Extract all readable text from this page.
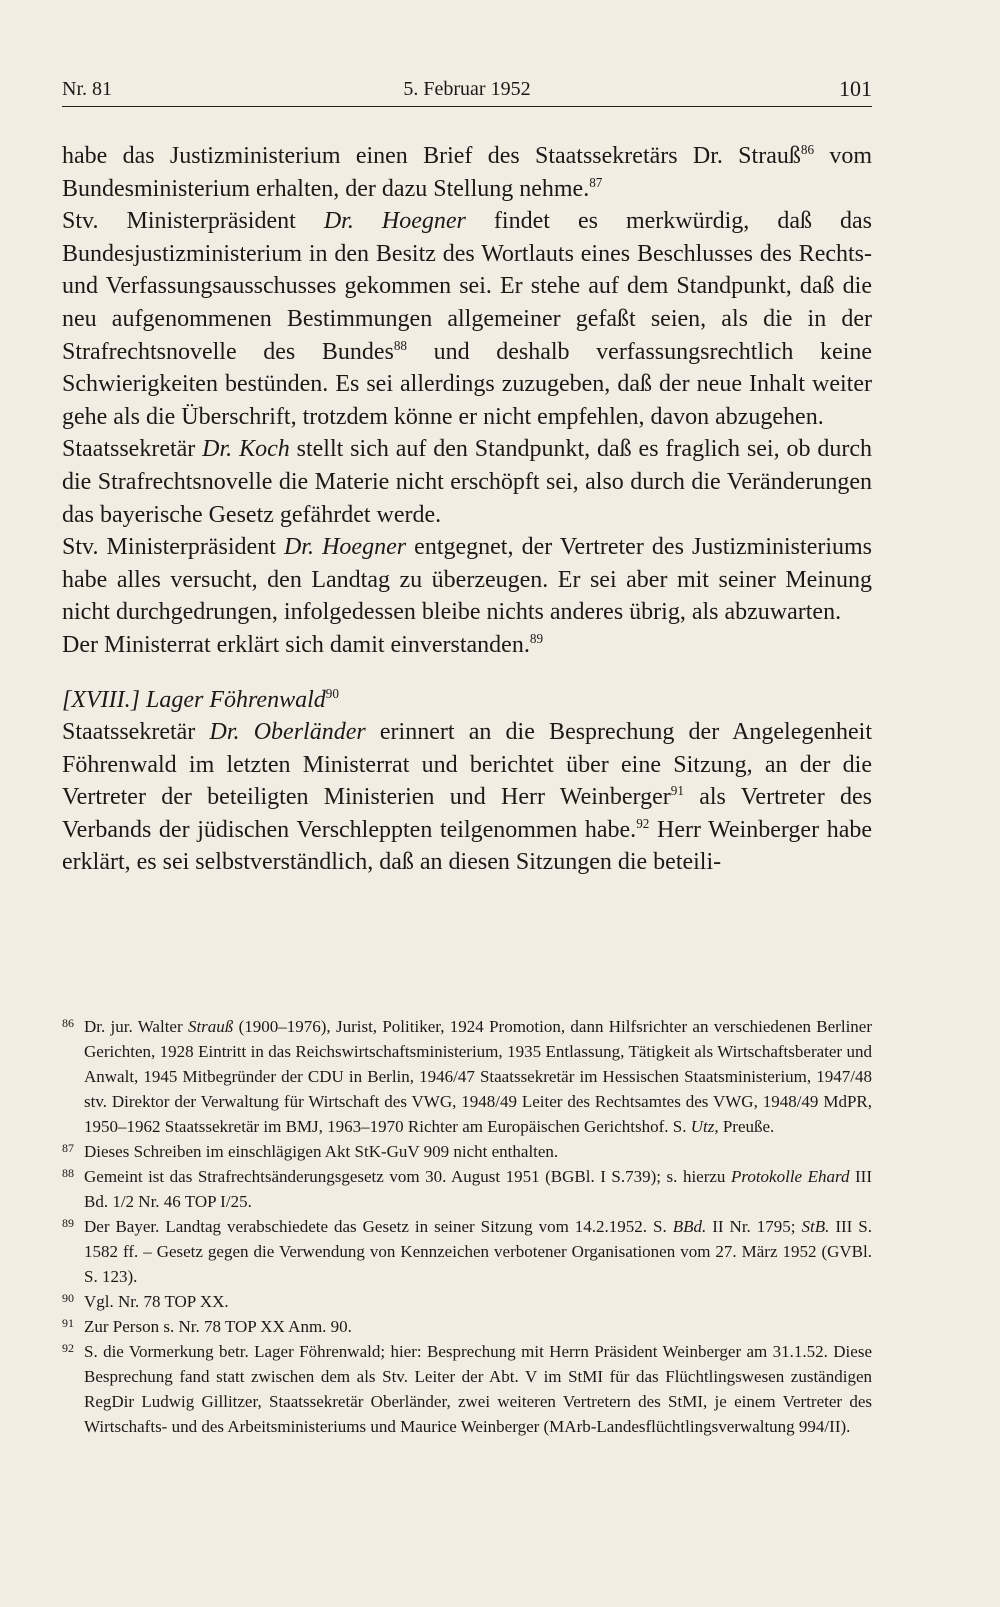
Nr. 81	5. Februar 1952	101

habe das Justizministerium einen Brief des Staatssekretärs Dr. Strauß$^{86}$ vom Bundesministerium erhalten, der dazu Stellung nehme.$^{87}$

Stv. Ministerpräsident Dr. Hoegner findet es merkwürdig, daß das Bundesjustizministerium in den Besitz des Wortlauts eines Beschlusses des Rechts- und Verfassungsausschusses gekommen sei. Er stehe auf dem Standpunkt, daß die neu aufgenommenen Bestimmungen allgemeiner gefaßt seien, als die in der Strafrechtsnovelle des Bundes$^{88}$ und deshalb verfassungsrechtlich keine Schwierigkeiten bestünden. Es sei allerdings zuzugeben, daß der neue Inhalt weiter gehe als die Überschrift, trotzdem könne er nicht empfehlen, davon abzugehen.

Staatssekretär Dr. Koch stellt sich auf den Standpunkt, daß es fraglich sei, ob durch die Strafrechtsnovelle die Materie nicht erschöpft sei, also durch die Veränderungen das bayerische Gesetz gefährdet werde.

Stv. Ministerpräsident Dr. Hoegner entgegnet, der Vertreter des Justizministeriums habe alles versucht, den Landtag zu überzeugen. Er sei aber mit seiner Meinung nicht durchgedrungen, infolgedessen bleibe nichts anderes übrig, als abzuwarten.

Der Ministerrat erklärt sich damit einverstanden.$^{89}$

[XVIII.] Lager Föhrenwald$^{90}$

Staatssekretär Dr. Oberländer erinnert an die Besprechung der Angelegenheit Föhrenwald im letzten Ministerrat und berichtet über eine Sitzung, an der die Vertreter der beteiligten Ministerien und Herr Weinberger$^{91}$ als Vertreter des Verbands der jüdischen Verschleppten teilgenommen habe.$^{92}$ Herr Weinberger habe erklärt, es sei selbstverständlich, daß an diesen Sitzungen die beteili-

86 Dr. jur. Walter Strauß (1900–1976), Jurist, Politiker, 1924 Promotion, dann Hilfsrichter an verschiedenen Berliner Gerichten, 1928 Eintritt in das Reichswirtschaftsministerium, 1935 Entlassung, Tätigkeit als Wirtschaftsberater und Anwalt, 1945 Mitbegründer der CDU in Berlin, 1946/47 Staatssekretär im Hessischen Staatsministerium, 1947/48 stv. Direktor der Verwaltung für Wirtschaft des VWG, 1948/49 Leiter des Rechtsamtes des VWG, 1948/49 MdPR, 1950–1962 Staatssekretär im BMJ, 1963–1970 Richter am Europäischen Gerichtshof. S. Utz, Preuße.
87 Dieses Schreiben im einschlägigen Akt StK-GuV 909 nicht enthalten.
88 Gemeint ist das Strafrechtsänderungsgesetz vom 30. August 1951 (BGBl. I S.739); s. hierzu Protokolle Ehard III Bd. 1/2 Nr. 46 TOP I/25.
89 Der Bayer. Landtag verabschiedete das Gesetz in seiner Sitzung vom 14.2.1952. S. BBd. II Nr. 1795; StB. III S. 1582 ff. – Gesetz gegen die Verwendung von Kennzeichen verbotener Organisationen vom 27. März 1952 (GVBl. S. 123).
90 Vgl. Nr. 78 TOP XX.
91 Zur Person s. Nr. 78 TOP XX Anm. 90.
92 S. die Vormerkung betr. Lager Föhrenwald; hier: Besprechung mit Herrn Präsident Weinberger am 31.1.52. Diese Besprechung fand statt zwischen dem als Stv. Leiter der Abt. V im StMI für das Flüchtlingswesen zuständigen RegDir Ludwig Gillitzer, Staatssekretär Oberländer, zwei weiteren Vertretern des StMI, je einem Vertreter des Wirtschafts- und des Arbeitsministeriums und Maurice Weinberger (MArb-Landesflüchtlingsverwaltung 994/II).
